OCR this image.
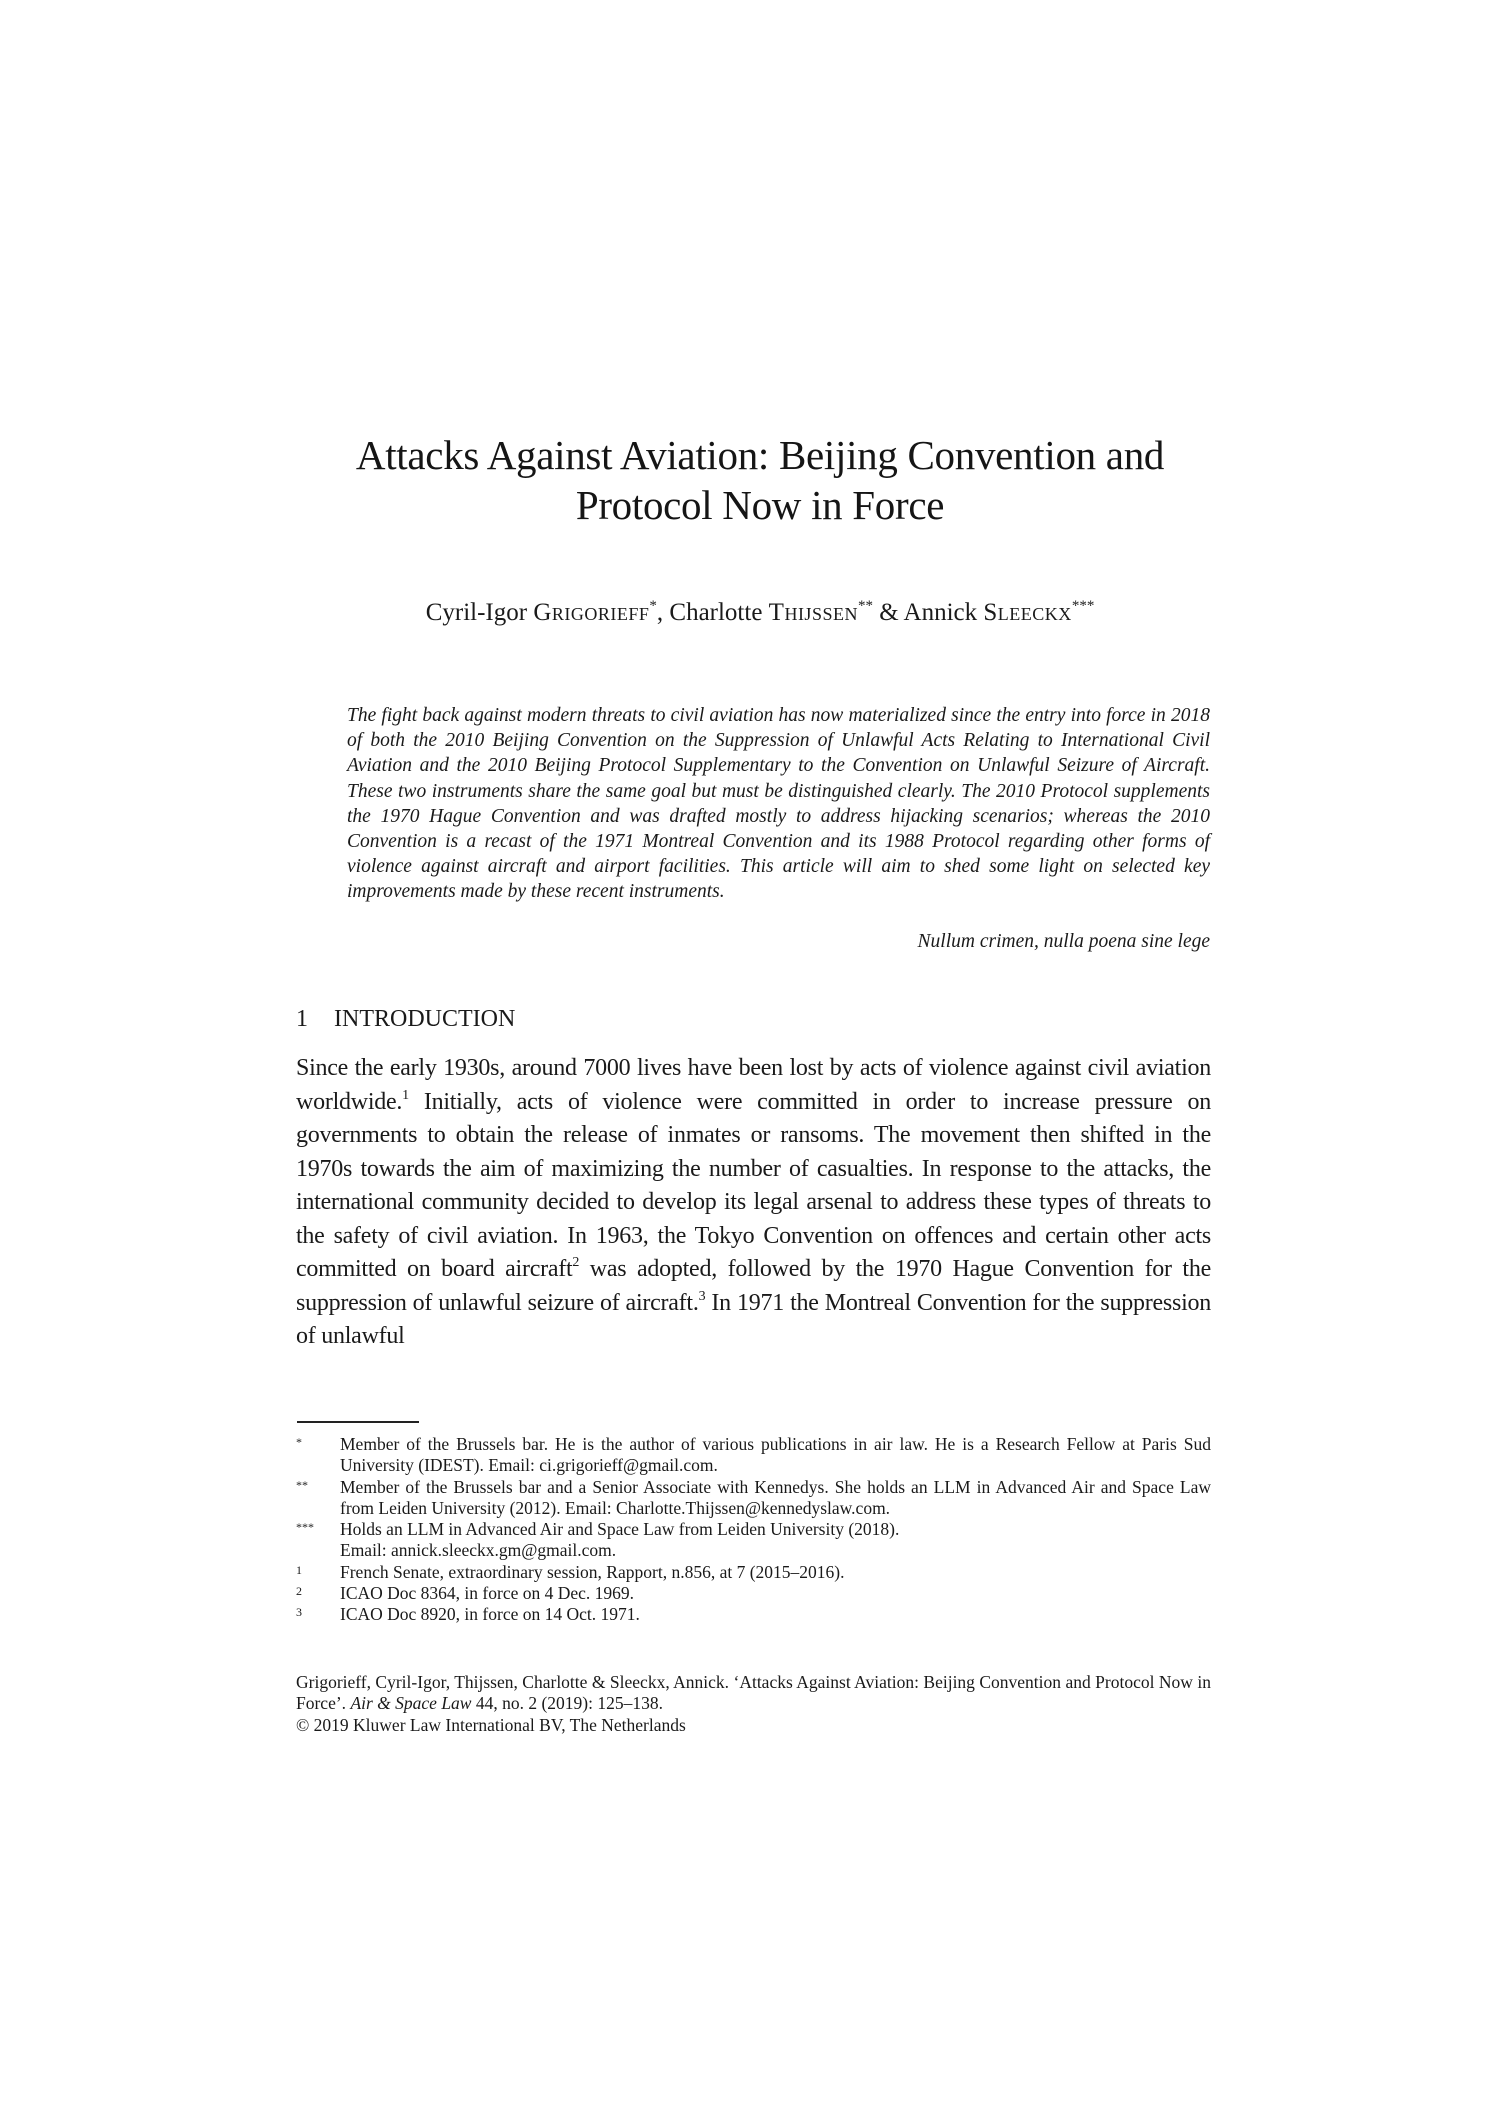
Attacks Against Aviation: Beijing Convention and
Protocol Now in Force
Cyril-Igor Grigorieff*, Charlotte Thijssen** & Annick Sleeckx***
The fight back against modern threats to civil aviation has now materialized since the entry into force in 2018 of both the 2010 Beijing Convention on the Suppression of Unlawful Acts Relating to International Civil Aviation and the 2010 Beijing Protocol Supplementary to the Convention on Unlawful Seizure of Aircraft. These two instruments share the same goal but must be distinguished clearly. The 2010 Protocol supplements the 1970 Hague Convention and was drafted mostly to address hijacking scenarios; whereas the 2010 Convention is a recast of the 1971 Montreal Convention and its 1988 Protocol regarding other forms of violence against aircraft and airport facilities. This article will aim to shed some light on selected key improvements made by these recent instruments.
Nullum crimen, nulla poena sine lege
1 INTRODUCTION
Since the early 1930s, around 7000 lives have been lost by acts of violence against civil aviation worldwide.$^1$ Initially, acts of violence were committed in order to increase pressure on governments to obtain the release of inmates or ransoms. The movement then shifted in the 1970s towards the aim of maximizing the number of casualties. In response to the attacks, the international community decided to develop its legal arsenal to address these types of threats to the safety of civil aviation. In 1963, the Tokyo Convention on offences and certain other acts committed on board aircraft$^2$ was adopted, followed by the 1970 Hague Convention for the suppression of unlawful seizure of aircraft.$^3$ In 1971 the Montreal Convention for the suppression of unlawful
*	Member of the Brussels bar. He is the author of various publications in air law. He is a Research Fellow at Paris Sud University (IDEST). Email: ci.grigorieff@gmail.com.
**	Member of the Brussels bar and a Senior Associate with Kennedys. She holds an LLM in Advanced Air and Space Law from Leiden University (2012). Email: Charlotte.Thijssen@kennedyslaw.com.
***	Holds an LLM in Advanced Air and Space Law from Leiden University (2018).
Email: annick.sleeckx.gm@gmail.com.
1	French Senate, extraordinary session, Rapport, n.856, at 7 (2015–2016).
2	ICAO Doc 8364, in force on 4 Dec. 1969.
3	ICAO Doc 8920, in force on 14 Oct. 1971.
Grigorieff, Cyril-Igor, Thijssen, Charlotte & Sleeckx, Annick. ‘Attacks Against Aviation: Beijing Convention and Protocol Now in Force’. Air & Space Law 44, no. 2 (2019): 125–138.
© 2019 Kluwer Law International BV, The Netherlands
